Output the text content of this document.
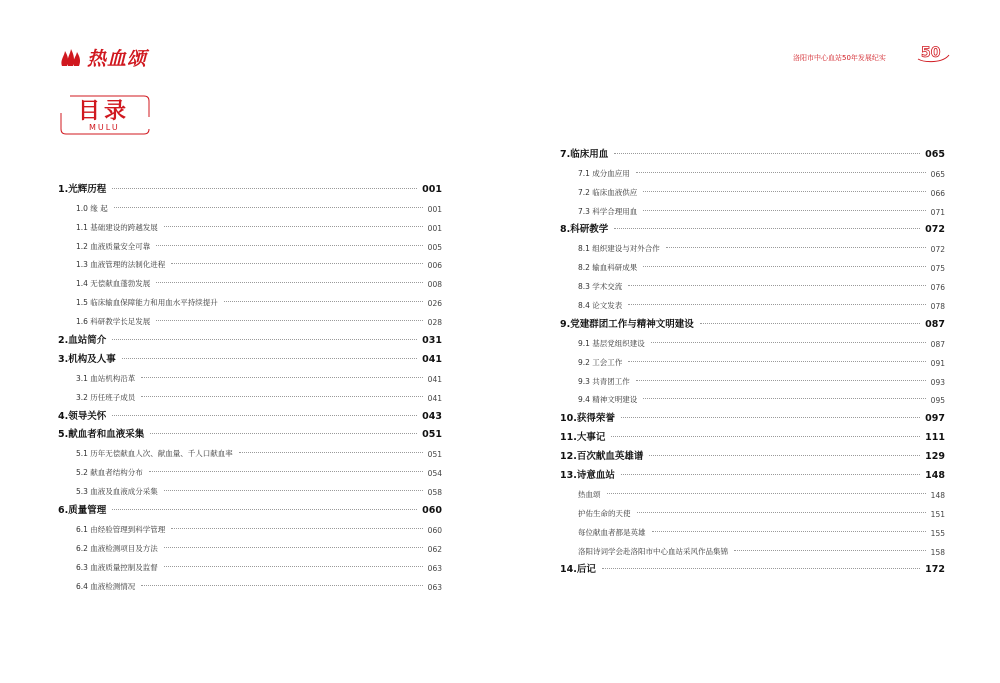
热血颂	洛阳市中心血站50年发展纪实	50
目录
MULU
1.光辉历程	001
1.0 缘 起	001
1.1 基础建设的跨越发展	001
1.2 血液质量安全可靠	005
1.3 血液管理的法制化进程	006
1.4 无偿献血蓬勃发展	008
1.5 临床输血保障能力和用血水平持续提升	026
1.6 科研教学长足发展	028
2.血站简介	031
3.机构及人事	041
3.1 血站机构沿革	041
3.2 历任班子成员	041
4.领导关怀	043
5.献血者和血液采集	051
5.1 历年无偿献血人次、献血量、千人口献血率	051
5.2 献血者结构分布	054
5.3 血液及血液成分采集	058
6.质量管理	060
6.1 由经验管理到科学管理	060
6.2 血液检测项目及方法	062
6.3 血液质量控制及监督	063
6.4 血液检测情况	063
7.临床用血	065
7.1 成分血应用	065
7.2 临床血液供应	066
7.3 科学合理用血	071
8.科研教学	072
8.1 组织建设与对外合作	072
8.2 输血科研成果	075
8.3 学术交流	076
8.4 论文发表	078
9.党建群团工作与精神文明建设	087
9.1 基层党组织建设	087
9.2 工会工作	091
9.3 共青团工作	093
9.4 精神文明建设	095
10.获得荣誉	097
11.大事记	111
12.百次献血英雄谱	129
13.诗意血站	148
热血颂	148
护佑生命的天使	151
每位献血者都是英雄	155
洛阳诗词学会赴洛阳市中心血站采风作品集锦	158
14.后记	172
